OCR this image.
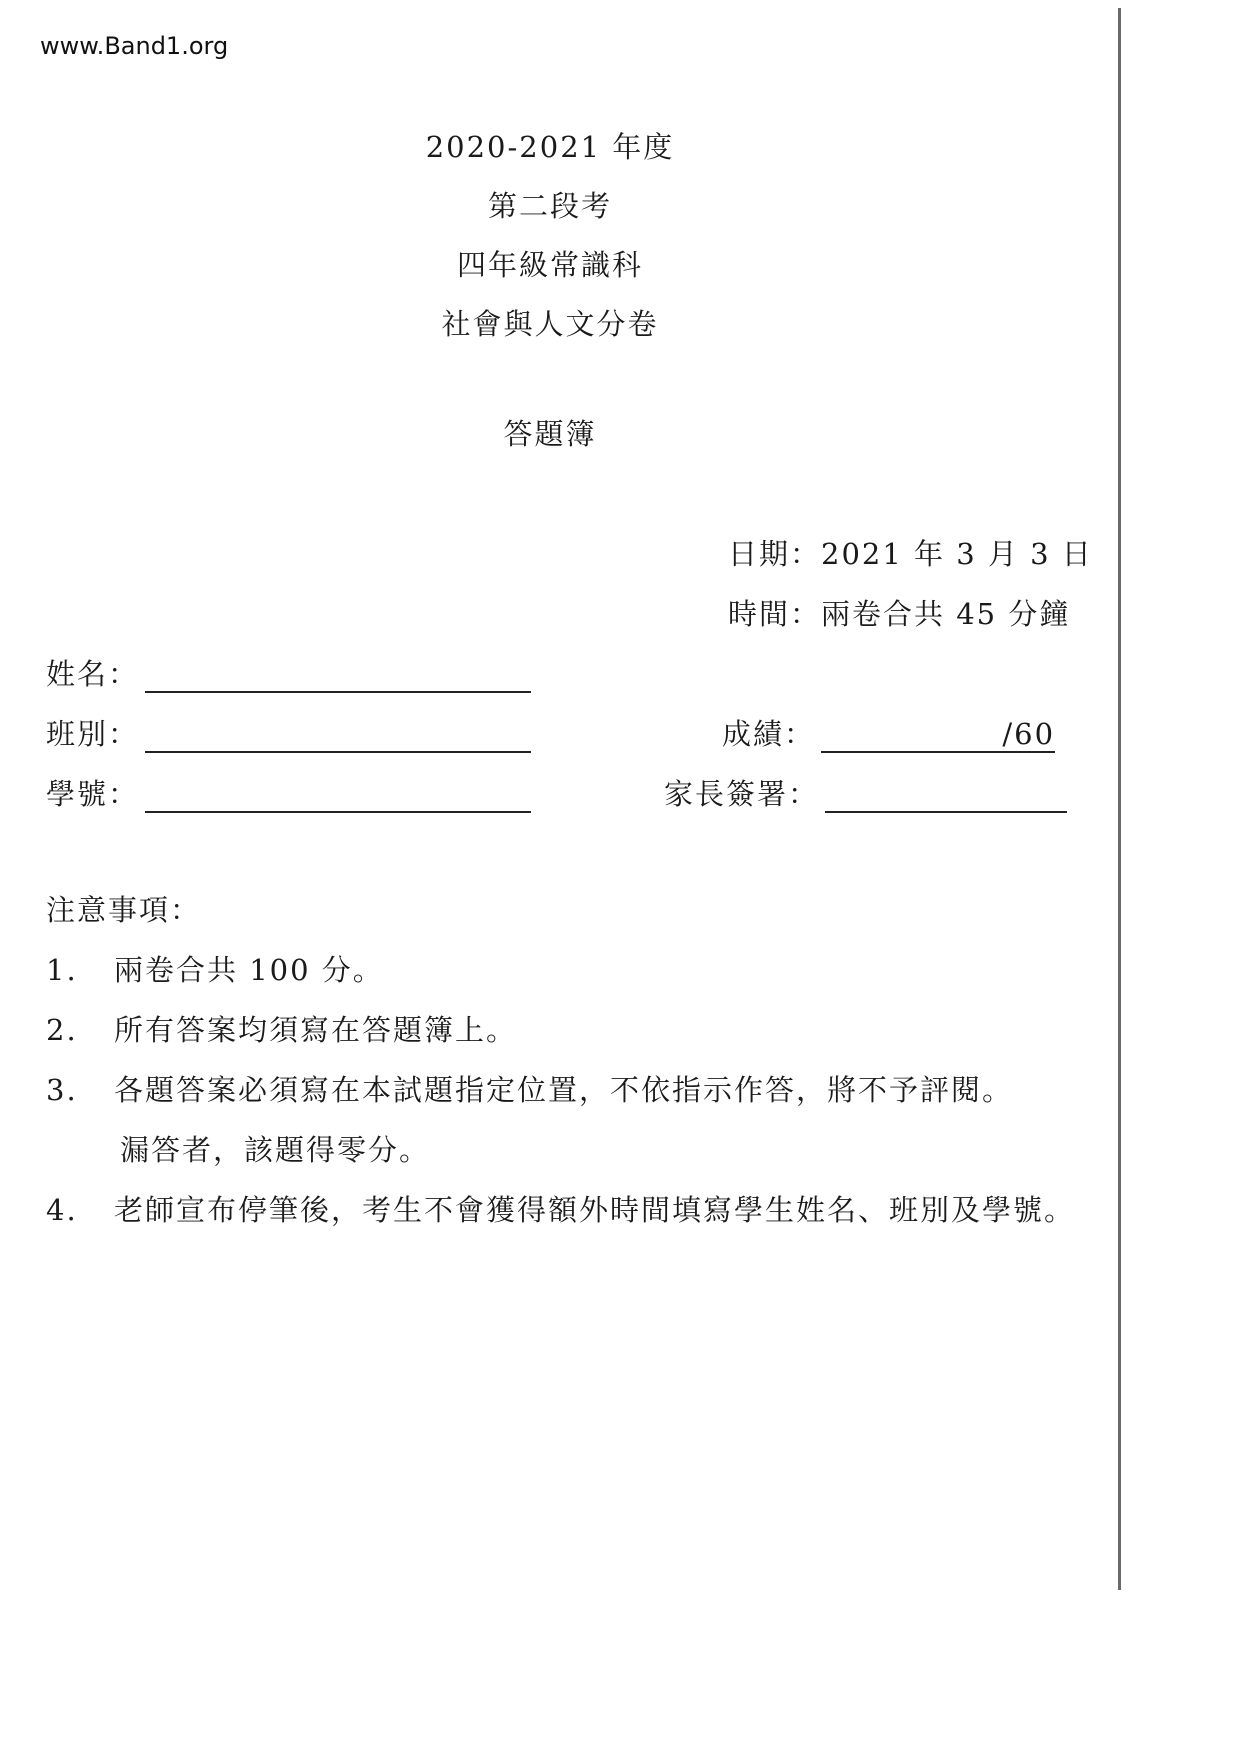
www.Band1.org
2020-2021 年度
第二段考
四年級常識科
社會與人文分卷
答題簿
日期：2021 年 3 月 3 日
時間：兩卷合共 45 分鐘
姓名：
班別：
學號：
成績：	/60
家長簽署：
注意事項：
1. 兩卷合共 100 分。
2. 所有答案均須寫在答題簿上。
3. 各題答案必須寫在本試題指定位置，不依指示作答，將不予評閱。
漏答者，該題得零分。
4. 老師宣布停筆後，考生不會獲得額外時間填寫學生姓名、班別及學號。
